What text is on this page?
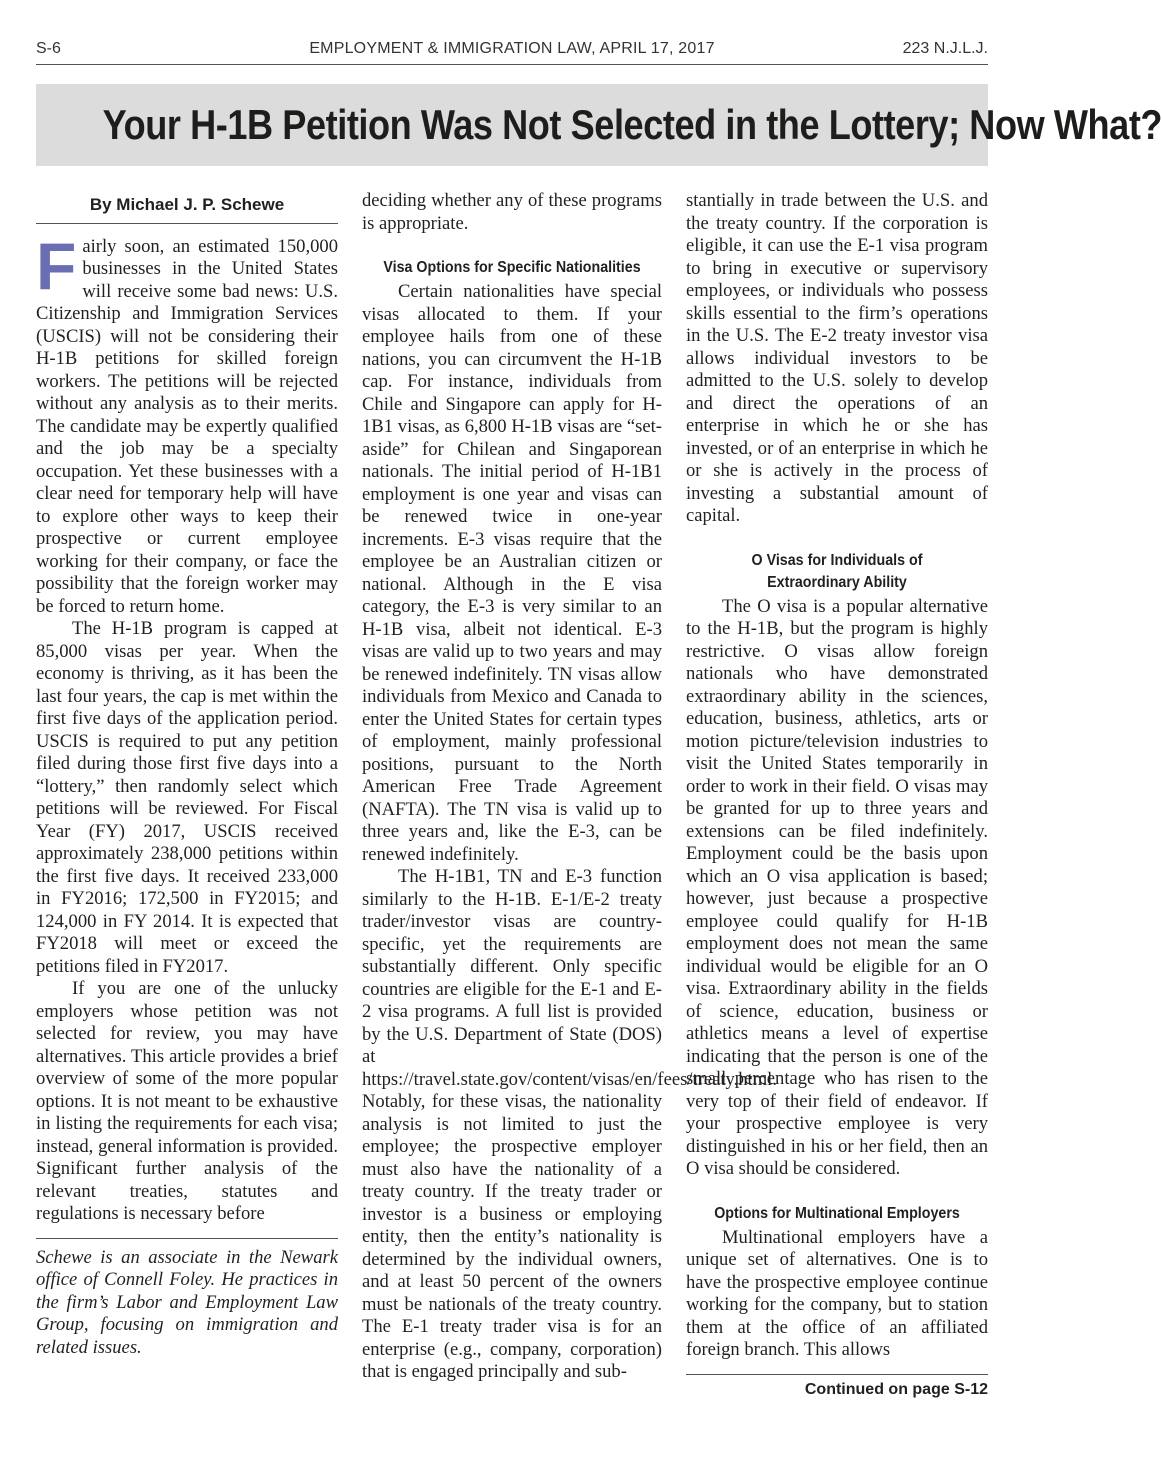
S-6	EMPLOYMENT & IMMIGRATION LAW, APRIL 17, 2017	223 N.J.L.J.
Your H-1B Petition Was Not Selected in the Lottery; Now What?
By Michael J. P. Schewe

Fairly soon, an estimated 150,000 businesses in the United States will receive some bad news: U.S. Citizenship and Immigration Services (USCIS) will not be considering their H-1B petitions for skilled foreign workers. The petitions will be rejected without any analysis as to their merits. The candidate may be expertly qualified and the job may be a specialty occupation. Yet these businesses with a clear need for temporary help will have to explore other ways to keep their prospective or current employee working for their company, or face the possibility that the foreign worker may be forced to return home.

The H-1B program is capped at 85,000 visas per year. When the economy is thriving, as it has been the last four years, the cap is met within the first five days of the application period. USCIS is required to put any petition filed during those first five days into a “lottery,” then randomly select which petitions will be reviewed. For Fiscal Year (FY) 2017, USCIS received approximately 238,000 petitions within the first five days. It received 233,000 in FY2016; 172,500 in FY2015; and 124,000 in FY 2014. It is expected that FY2018 will meet or exceed the petitions filed in FY2017.

If you are one of the unlucky employers whose petition was not selected for review, you may have alternatives. This article provides a brief overview of some of the more popular options. It is not meant to be exhaustive in listing the requirements for each visa; instead, general information is provided. Significant further analysis of the relevant treaties, statutes and regulations is necessary before

Schewe is an associate in the Newark office of Connell Foley. He practices in the firm’s Labor and Employment Law Group, focusing on immigration and related issues.

deciding whether any of these programs is appropriate.

Visa Options for Specific Nationalities

Certain nationalities have special visas allocated to them. If your employee hails from one of these nations, you can circumvent the H-1B cap. For instance, individuals from Chile and Singapore can apply for H-1B1 visas, as 6,800 H-1B visas are “set-aside” for Chilean and Singaporean nationals. The initial period of H-1B1 employment is one year and visas can be renewed twice in one-year increments. E-3 visas require that the employee be an Australian citizen or national. Although in the E visa category, the E-3 is very similar to an H-1B visa, albeit not identical. E-3 visas are valid up to two years and may be renewed indefinitely. TN visas allow individuals from Mexico and Canada to enter the United States for certain types of employment, mainly professional positions, pursuant to the North American Free Trade Agreement (NAFTA). The TN visa is valid up to three years and, like the E-3, can be renewed indefinitely.

The H-1B1, TN and E-3 function similarly to the H-1B. E-1/E-2 treaty trader/investor visas are country-specific, yet the requirements are substantially different. Only specific countries are eligible for the E-1 and E-2 visa programs. A full list is provided by the U.S. Department of State (DOS) at https://travel.state.gov/content/visas/en/fees/treaty.html. Notably, for these visas, the nationality analysis is not limited to just the employee; the prospective employer must also have the nationality of a treaty country. If the treaty trader or investor is a business or employing entity, then the entity’s nationality is determined by the individual owners, and at least 50 percent of the owners must be nationals of the treaty country. The E-1 treaty trader visa is for an enterprise (e.g., company, corporation) that is engaged principally and sub-

stantially in trade between the U.S. and the treaty country. If the corporation is eligible, it can use the E-1 visa program to bring in executive or supervisory employees, or individuals who possess skills essential to the firm’s operations in the U.S. The E-2 treaty investor visa allows individual investors to be admitted to the U.S. solely to develop and direct the operations of an enterprise in which he or she has invested, or of an enterprise in which he or she is actively in the process of investing a substantial amount of capital.

O Visas for Individuals of
Extraordinary Ability

The O visa is a popular alternative to the H-1B, but the program is highly restrictive. O visas allow foreign nationals who have demonstrated extraordinary ability in the sciences, education, business, athletics, arts or motion picture/television industries to visit the United States temporarily in order to work in their field. O visas may be granted for up to three years and extensions can be filed indefinitely. Employment could be the basis upon which an O visa application is based; however, just because a prospective employee could qualify for H-1B employment does not mean the same individual would be eligible for an O visa. Extraordinary ability in the fields of science, education, business or athletics means a level of expertise indicating that the person is one of the small percentage who has risen to the very top of their field of endeavor. If your prospective employee is very distinguished in his or her field, then an O visa should be considered.

Options for Multinational Employers

Multinational employers have a unique set of alternatives. One is to have the prospective employee continue working for the company, but to station them at the office of an affiliated foreign branch. This allows

Continued on page S-12
